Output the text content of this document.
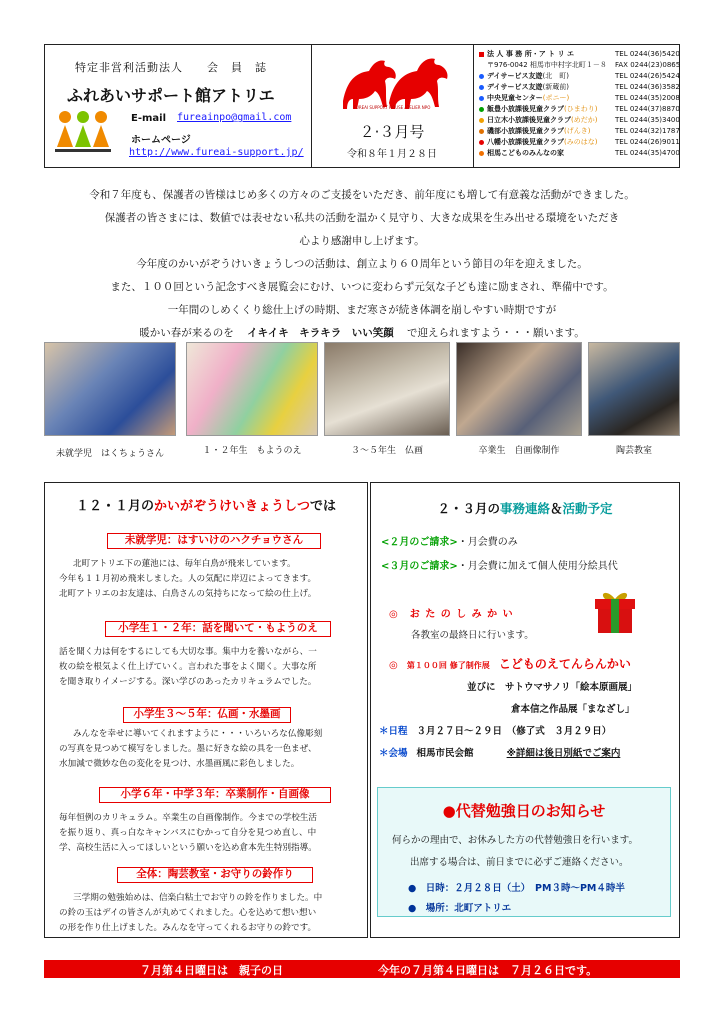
特定非営利活動法人　　会　員　誌
ふれあいサポート館アトリエ
E-mail fureainpo@gmail.com
ホームページ
http://www.fureai-support.jp/
FUREAI SUPPORT HOUSE ATELIER NPO
２·３月号
令和８年１月２８日
法 人 事 務 所・ア ト リ エ	TEL 0244(36)5420
〒976-0042 相馬市中村字北町１－８ FAX 0244(23)0865
デイサービス友遊(北　町)	TEL 0244(26)5424
デイサービス友遊(新蔵前)	TEL 0244(36)3582
中央児童センター(ポニー)	TEL 0244(35)2008
飯豊小放課後児童クラブ(ひまわり)	TEL 0244(37)8870
日立木小放課後児童クラブ(めだか)	TEL 0244(35)3400
磯部小放課後児童クラブ(げんき)	TEL 0244(32)1787
八幡小放課後児童クラブ(みのはな)	TEL 0244(26)9011
相馬こどものみんなの家	TEL 0244(35)4700
令和７年度も、保護者の皆様はじめ多くの方々のご支援をいただき、前年度にも増して有意義な活動ができました。
保護者の皆さまには、数値では表せない私共の活動を温かく見守り、大きな成果を生み出せる環境をいただき
心より感謝申し上げます。
今年度のかいがぞうけいきょうしつの活動は、創立より６０周年という節目の年を迎えました。
また、１００回という記念すべき展覧会にむけ、いつに変わらず元気な子ども達に励まされ、準備中です。
一年間のしめくくり総仕上げの時期、まだ寒さが続き体調を崩しやすい時期ですが
暖かい春が来るのを イキイキ　キラキラ　いい笑顔 で迎えられますよう・・・願います。
未就学児　はくちょうさん	１・２年生　もようのえ	３～５年生　仏画	卒業生　自画像制作	陶芸教室
１２・１月のかいがぞうけいきょうしつでは
未就学児：はすいけのハクチョウさん
北町アトリエ下の蓮池には、毎年白鳥が飛来しています。
今年も１１月初め飛来しました。人の気配に岸辺によってきます。
北町アトリエのお友達は、白鳥さんの気持ちになって絵の仕上げ。
小学生１・２年：話を聞いて・もようのえ
話を聞く力は何をするにしても大切な事。集中力を養いながら、一
枚の絵を根気よく仕上げていく。言われた事をよく聞く。大事な所
を聞き取りイメージする。深い学びのあったカリキュラムでした。
小学生３～５年：仏画・水墨画
みんなを幸せに導いてくれますように・・・いろいろな仏像彫刻
の写真を見つめて模写をしました。墨に好きな絵の具を一色まぜ、
水加減で微妙な色の変化を見つけ、水墨画風に彩色しました。
小学６年・中学３年：卒業制作・自画像
毎年恒例のカリキュラム。卒業生の自画像制作。今までの学校生活
を振り返り、真っ白なキャンバスにむかって自分を見つめ直し、中
学、高校生活に入ってほしいという願いを込め倉本先生特別指導。
全体：陶芸教室・お守りの鈴作り
三学期の勉強始めは、信楽白粘土でお守りの鈴を作りました。中
の鈴の玉はデイの皆さんが丸めてくれました。心を込めて想い想い
の形を作り仕上げました。みんなを守ってくれるお守りの鈴です。
２・３月の事務連絡＆活動予定
<２月のご請求>・月会費のみ
<３月のご請求>・月会費に加えて個人使用分絵具代
◎　お た の し み か い
各教室の最終日に行います。
◎ 第１００回 修了制作展 こどものえてんらんかい
並びに　サトウマサノリ「絵本原画展」
倉本信之作品展「まなざし」
＊日程 ３月２７日～２９日　（修了式　３月２９日）
＊会場 相馬市民会館	※詳細は後日別紙でご案内
●代替勉強日のお知らせ
何らかの理由で、お休みした方の代替勉強日を行います。
出席する場合は、前日までに必ずご連絡ください。
●　日時：２月２８日（土）　PM３時～PM４時半
●　場所：北町アトリエ
７月第４日曜日は　親子の日	今年の７月第４日曜日は　７月２６日です。
